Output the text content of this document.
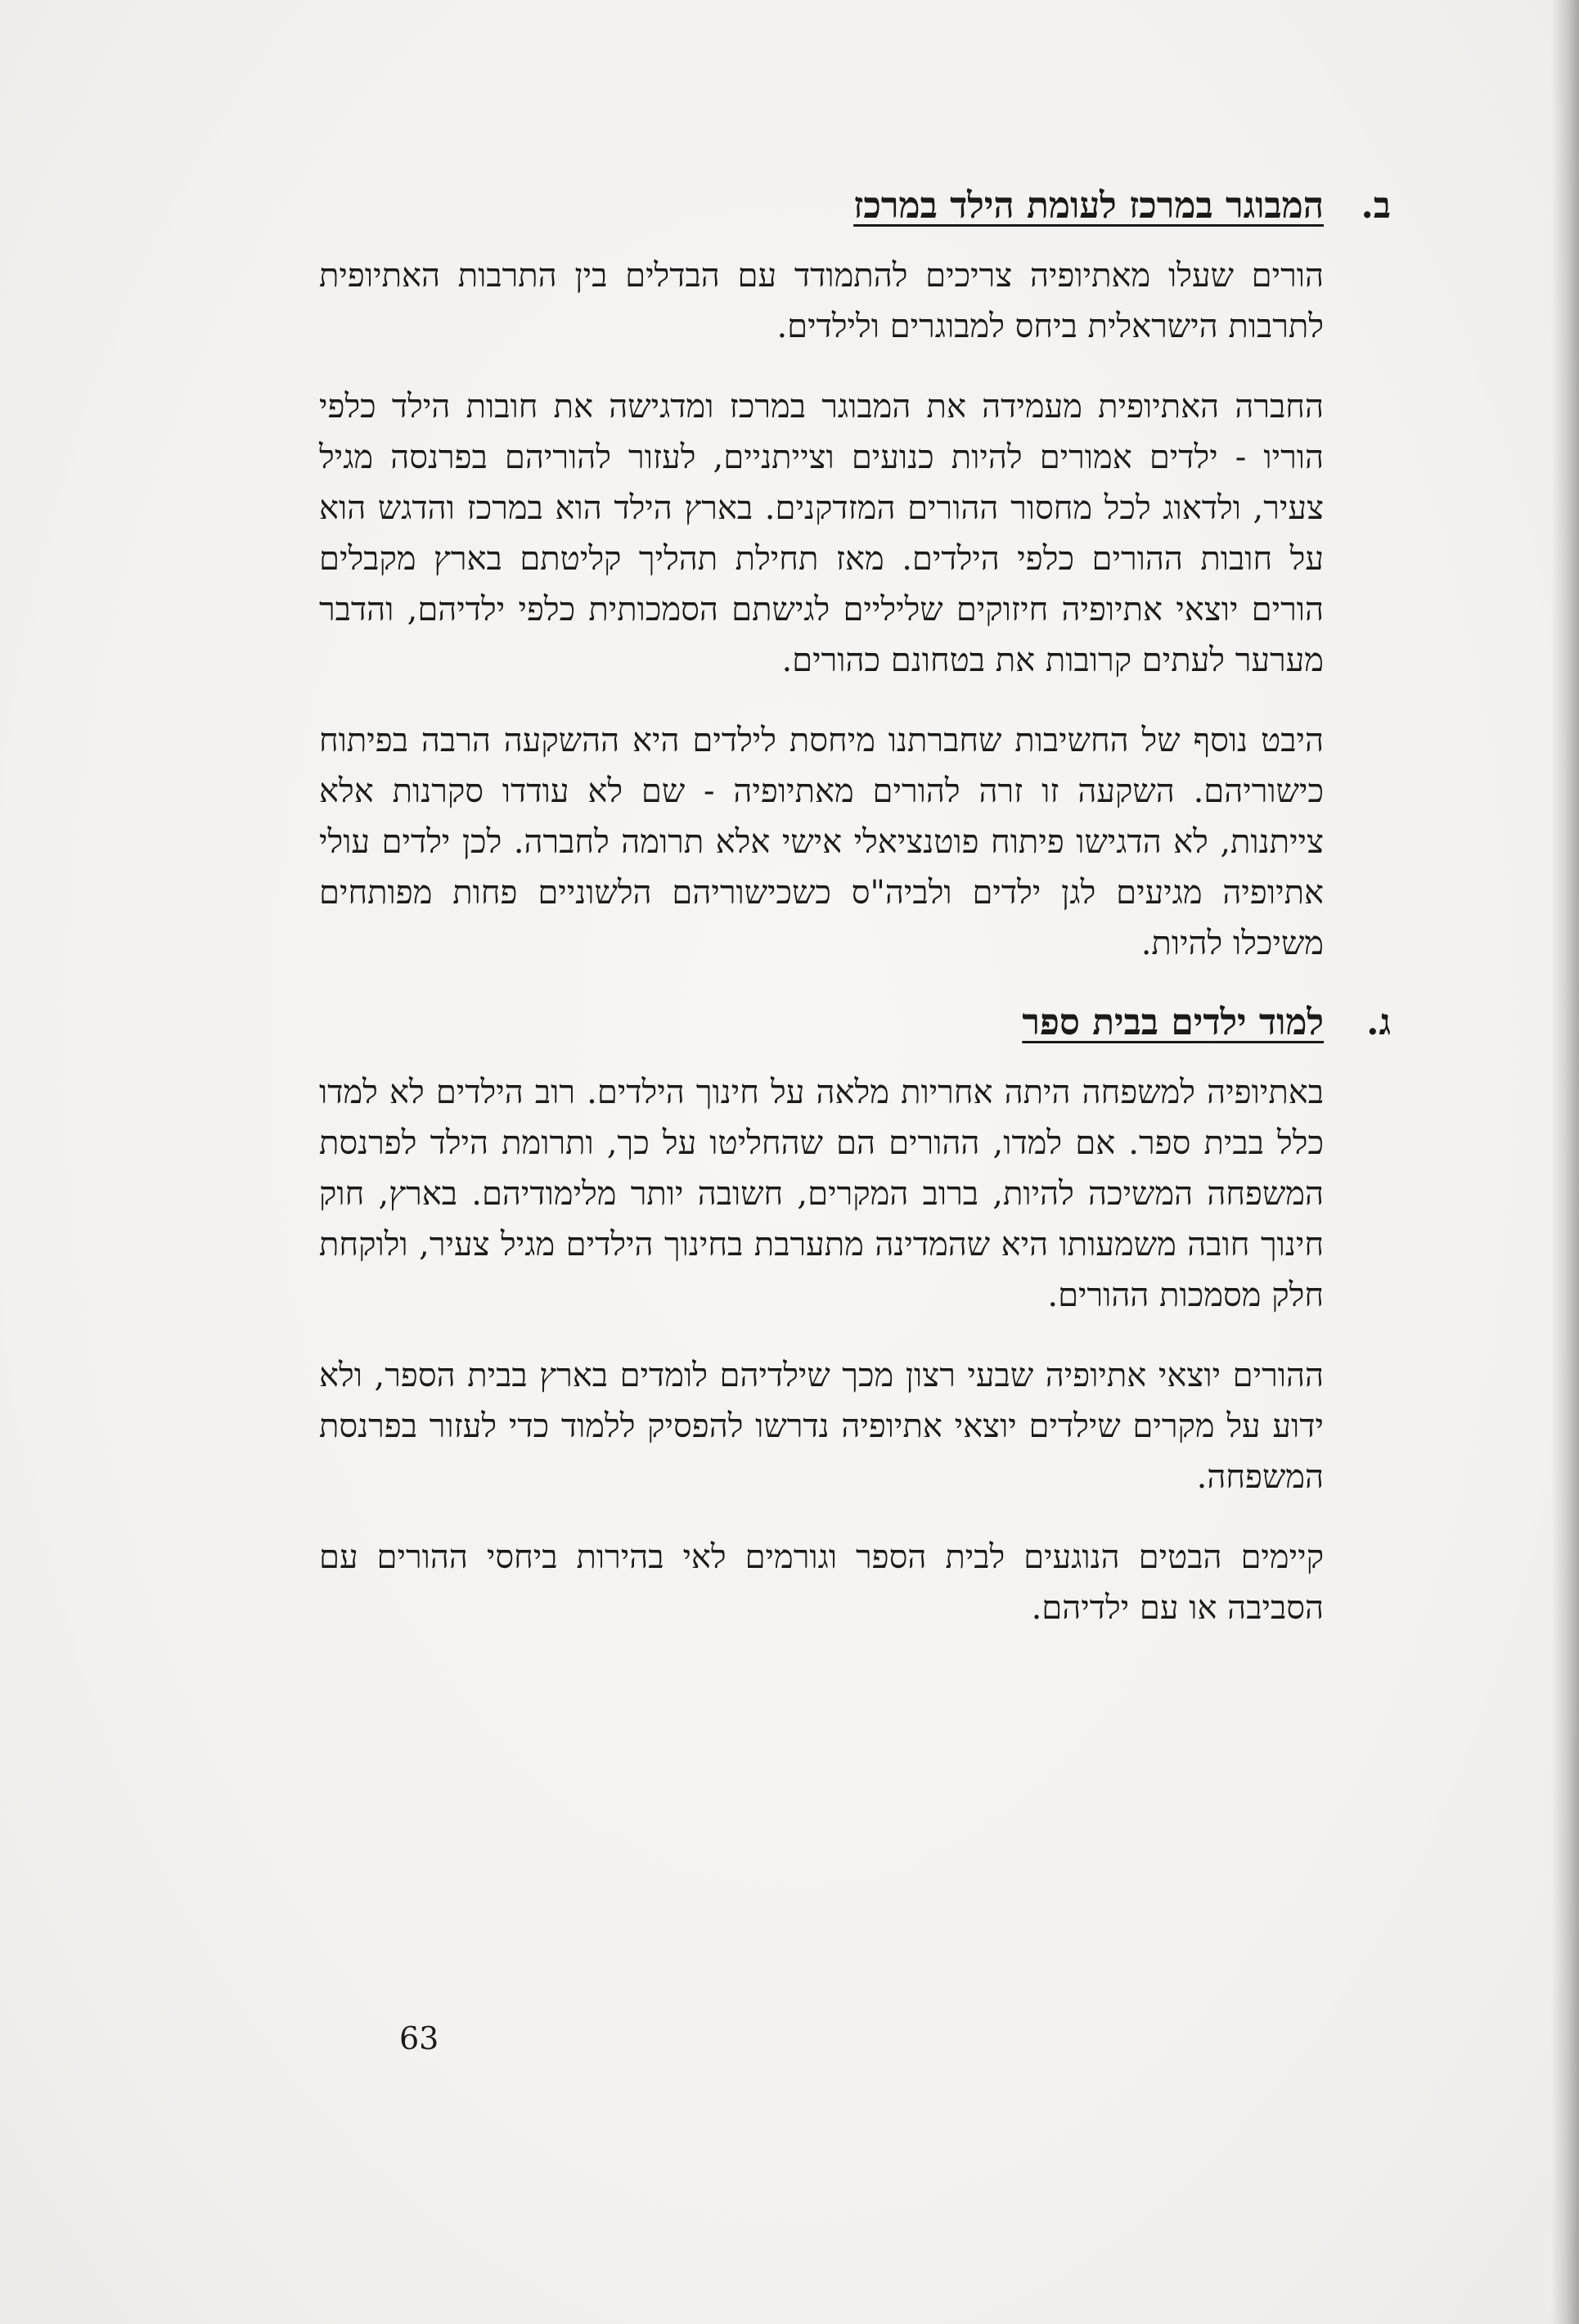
ב.
המבוגר במרכז לעומת הילד במרכז

הורים שעלו מאתיופיה צריכים להתמודד עם הבדלים בין התרבות האתיופית לתרבות הישראלית ביחס למבוגרים ולילדים.

החברה האתיופית מעמידה את המבוגר במרכז ומדגישה את חובות הילד כלפי הוריו - ילדים אמורים להיות כנועים וצייתניים, לעזור להוריהם בפרנסה מגיל צעיר, ולדאוג לכל מחסור ההורים המזדקנים. בארץ הילד הוא במרכז והדגש הוא על חובות ההורים כלפי הילדים. מאז תחילת תהליך קליטתם בארץ מקבלים הורים יוצאי אתיופיה חיזוקים שליליים לגישתם הסמכותית כלפי ילדיהם, והדבר מערער לעתים קרובות את בטחונם כהורים.

היבט נוסף של החשיבות שחברתנו מיחסת לילדים היא ההשקעה הרבה בפיתוח כישוריהם. השקעה זו זרה להורים מאתיופיה - שם לא עודדו סקרנות אלא צייתנות, לא הדגישו פיתוח פוטנציאלי אישי אלא תרומה לחברה. לכן ילדים עולי אתיופיה מגיעים לגן ילדים ולביה"ס כשכישוריהם הלשוניים פחות מפותחים משיכלו להיות.

ג.
למוד ילדים בבית ספר

באתיופיה למשפחה היתה אחריות מלאה על חינוך הילדים. רוב הילדים לא למדו כלל בבית ספר. אם למדו, ההורים הם שהחליטו על כך, ותרומת הילד לפרנסת המשפחה המשיכה להיות, ברוב המקרים, חשובה יותר מלימודיהם. בארץ, חוק חינוך חובה משמעותו היא שהמדינה מתערבת בחינוך הילדים מגיל צעיר, ולוקחת חלק מסמכות ההורים.

ההורים יוצאי אתיופיה שבעי רצון מכך שילדיהם לומדים בארץ בבית הספר, ולא ידוע על מקרים שילדים יוצאי אתיופיה נדרשו להפסיק ללמוד כדי לעזור בפרנסת המשפחה.

קיימים הבטים הנוגעים לבית הספר וגורמים לאי בהירות ביחסי ההורים עם הסביבה או עם ילדיהם.

63
